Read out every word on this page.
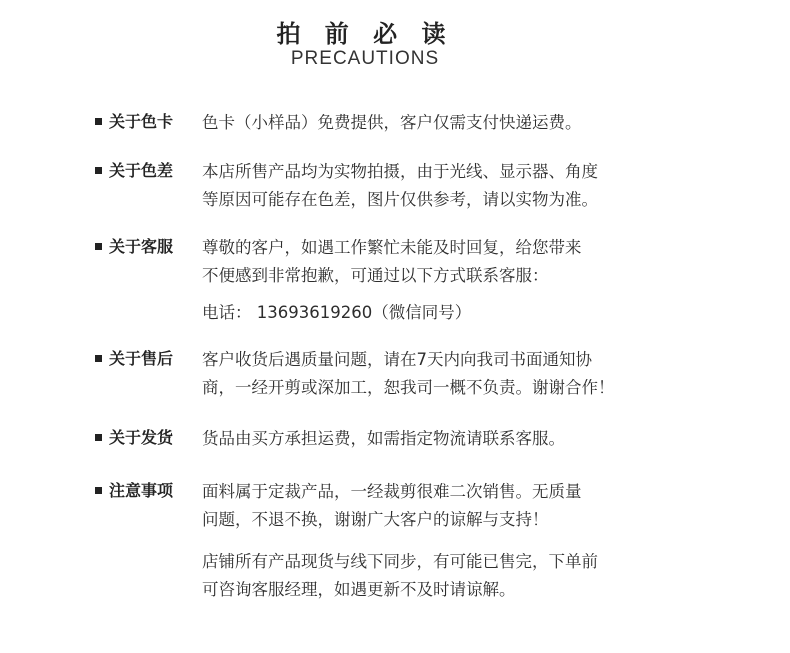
拍 前 必 读
PRECAUTIONS
关于色卡	色卡（小样品）免费提供，客户仅需支付快递运费。
关于色差	本店所售产品均为实物拍摄，由于光线、显示器、角度
等原因可能存在色差，图片仅供参考，请以实物为准。
关于客服	尊敬的客户，如遇工作繁忙未能及时回复，给您带来
不便感到非常抱歉，可通过以下方式联系客服：
电话： 13693619260（微信同号）
关于售后	客户收货后遇质量问题，请在7天内向我司书面通知协
商，一经开剪或深加工，恕我司一概不负责。谢谢合作！
关于发货	货品由买方承担运费，如需指定物流请联系客服。
注意事项	面料属于定裁产品，一经裁剪很难二次销售。无质量
问题，不退不换，谢谢广大客户的谅解与支持！
店铺所有产品现货与线下同步，有可能已售完，下单前
可咨询客服经理，如遇更新不及时请谅解。
